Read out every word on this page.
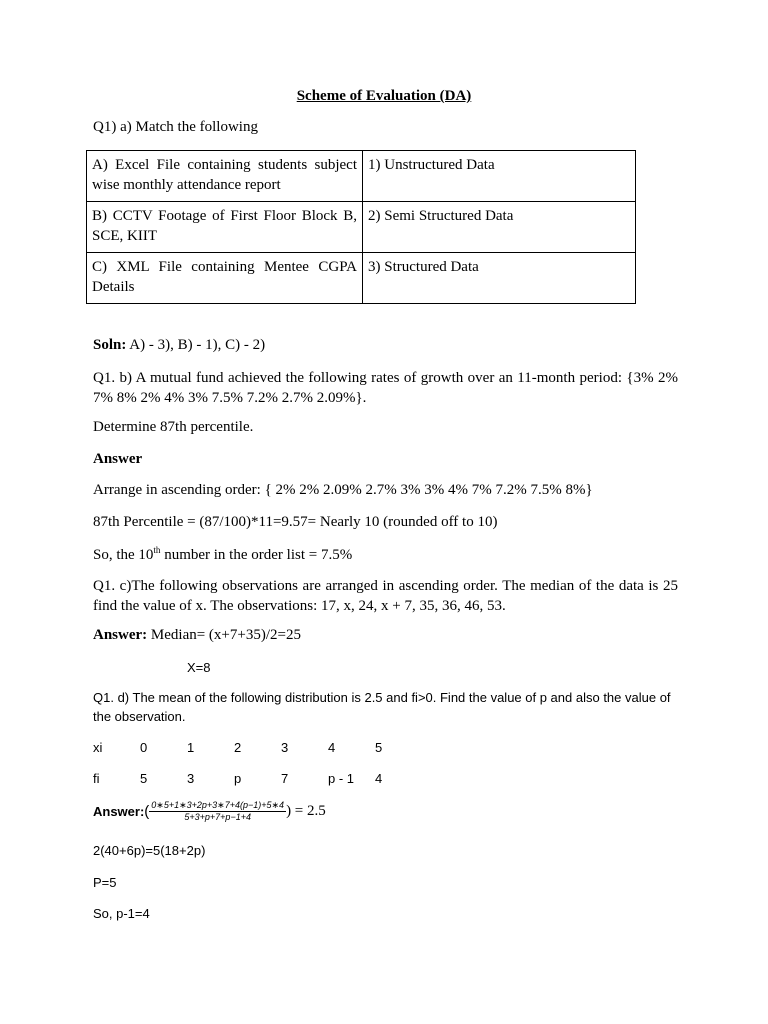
Scheme of Evaluation (DA)
Q1) a) Match the following
A) Excel File containing students subject wise monthly attendance report	1) Unstructured Data
B) CCTV Footage of First Floor Block B, SCE, KIIT	2) Semi Structured Data
C) XML File containing Mentee CGPA Details	3) Structured Data
Soln: A) - 3), B) - 1), C) - 2)
Q1. b) A mutual fund achieved the following rates of growth over an 11-month period: {3% 2% 7% 8% 2% 4% 3% 7.5% 7.2% 2.7% 2.09%}.
Determine 87th percentile.
Answer
Arrange in ascending order: { 2% 2% 2.09% 2.7% 3% 3% 4% 7% 7.2% 7.5% 8%}
87th Percentile = (87/100)*11=9.57= Nearly 10 (rounded off to 10)
So, the 10th number in the order list = 7.5%
Q1. c)The following observations are arranged in ascending order. The median of the data is 25 find the value of x. The observations: 17, x, 24, x + 7, 35, 36, 46, 53.
Answer: Median= (x+7+35)/2=25
X=8
Q1. d) The mean of the following distribution is 2.5 and fi>0. Find the value of p and also the value of the observation.
xi	0	1	2	3	4	5
fi	5	3	p	7	p - 1	4
Answer: ( $\frac{0∗5+1∗3+2p+3∗7+4(p-1)+5∗4}{5+3+p+7+p-1+4}$ ) = 2.5
2(40+6p)=5(18+2p)
P=5
So, p-1=4
